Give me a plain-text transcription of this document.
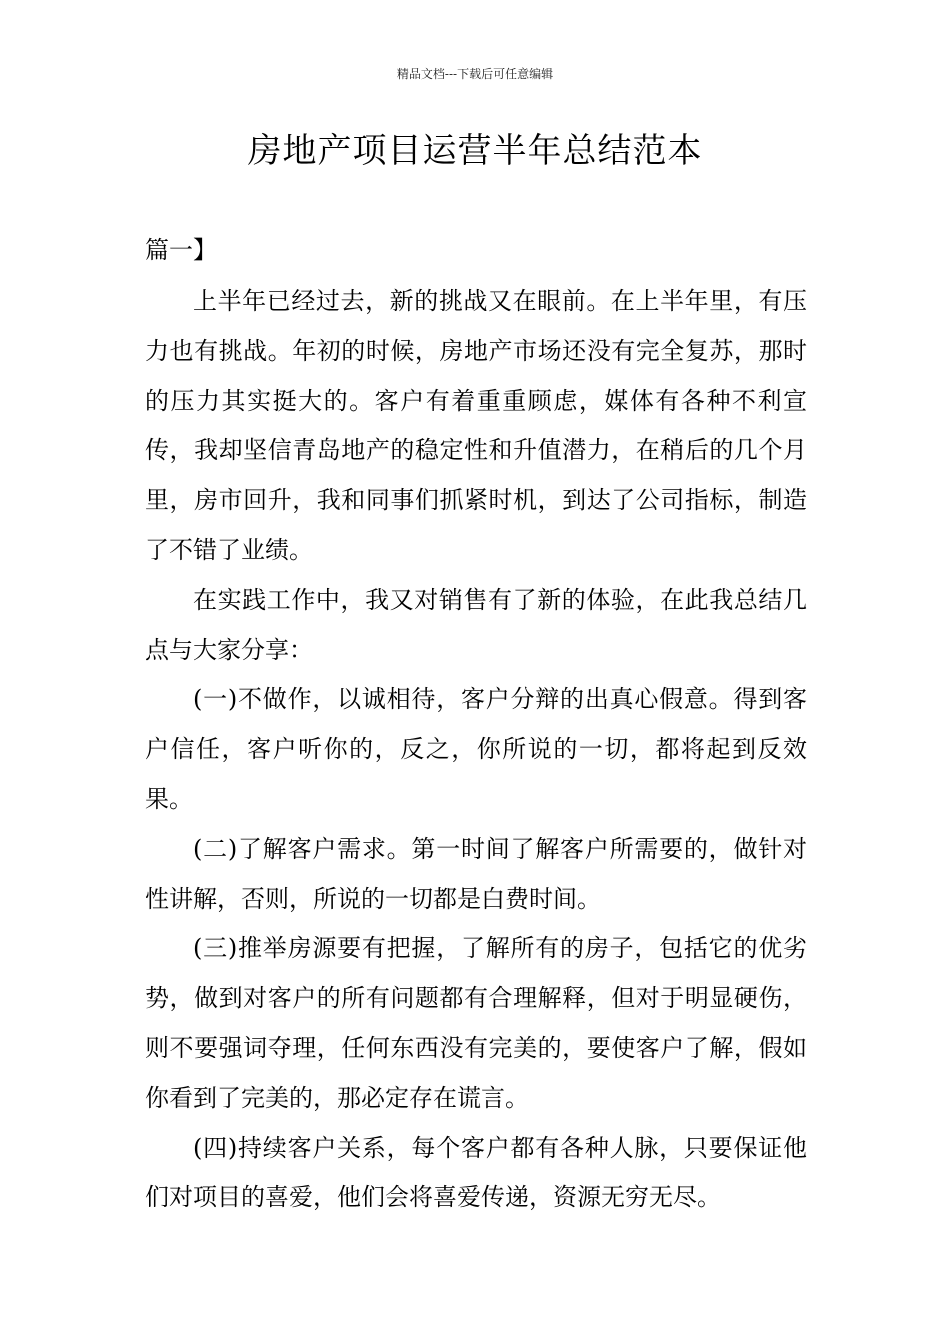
精品文档---下载后可任意编辑
房地产项目运营半年总结范本
篇一】

上半年已经过去，新的挑战又在眼前。在上半年里，有压力也有挑战。年初的时候，房地产市场还没有完全复苏，那时的压力其实挺大的。客户有着重重顾虑，媒体有各种不利宣传，我却坚信青岛地产的稳定性和升值潜力，在稍后的几个月里，房市回升，我和同事们抓紧时机，到达了公司指标，制造了不错了业绩。

在实践工作中，我又对销售有了新的体验，在此我总结几点与大家分享：

(一)不做作，以诚相待，客户分辩的出真心假意。得到客户信任，客户听你的，反之，你所说的一切，都将起到反效果。

(二)了解客户需求。第一时间了解客户所需要的，做针对性讲解，否则，所说的一切都是白费时间。

(三)推举房源要有把握，了解所有的房子，包括它的优劣势，做到对客户的所有问题都有合理解释，但对于明显硬伤，则不要强词夺理，任何东西没有完美的，要使客户了解，假如你看到了完美的，那必定存在谎言。

(四)持续客户关系，每个客户都有各种人脉，只要保证他们对项目的喜爱，他们会将喜爱传递，资源无穷无尽。
